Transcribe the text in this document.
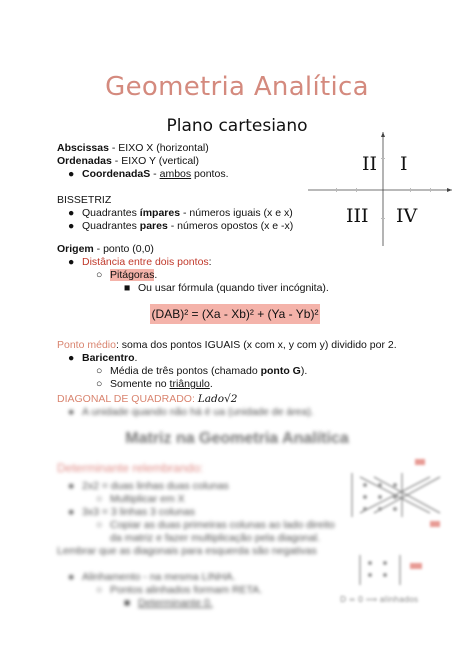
Geometria Analítica
Plano cartesiano
Abscissas - EIXO X (horizontal)
Ordenadas - EIXO Y (vertical)
● CoordenadaS - ambos pontos.
BISSETRIZ
● Quadrantes ímpares - números iguais (x e x)
● Quadrantes pares - números opostos (x e -x)
Origem - ponto (0,0)
● Distância entre dois pontos:
○ Pitágoras.
■ Ou usar fórmula (quando tiver incógnita).
(DAB)² = (Xa - Xb)² + (Ya - Yb)²
Ponto médio: soma dos pontos IGUAIS (x com x, y com y) dividido por 2.
● Baricentro.
○ Média de três pontos (chamado ponto G).
○ Somente no triângulo.
DIAGONAL DE QUADRADO: Lado√2
● A unidade quando não há é ua (unidade de área).
Matriz na Geometria Analítica
Determinante relembrando:
● 2x2 = duas linhas duas colunas
○ Multiplicar em X
● 3x3 = 3 linhas 3 colunas
○ Copiar as duas primeiras colunas ao lado direito
da matriz e fazer multiplicação pela diagonal.
Lembrar que as diagonais para esquerda são negativas
● Alinhamento - na mesma LINHA.
○ Pontos alinhados formam RETA.
■ Determinante 0.
II I
III IV
D = 0 ⟹ alinhados
